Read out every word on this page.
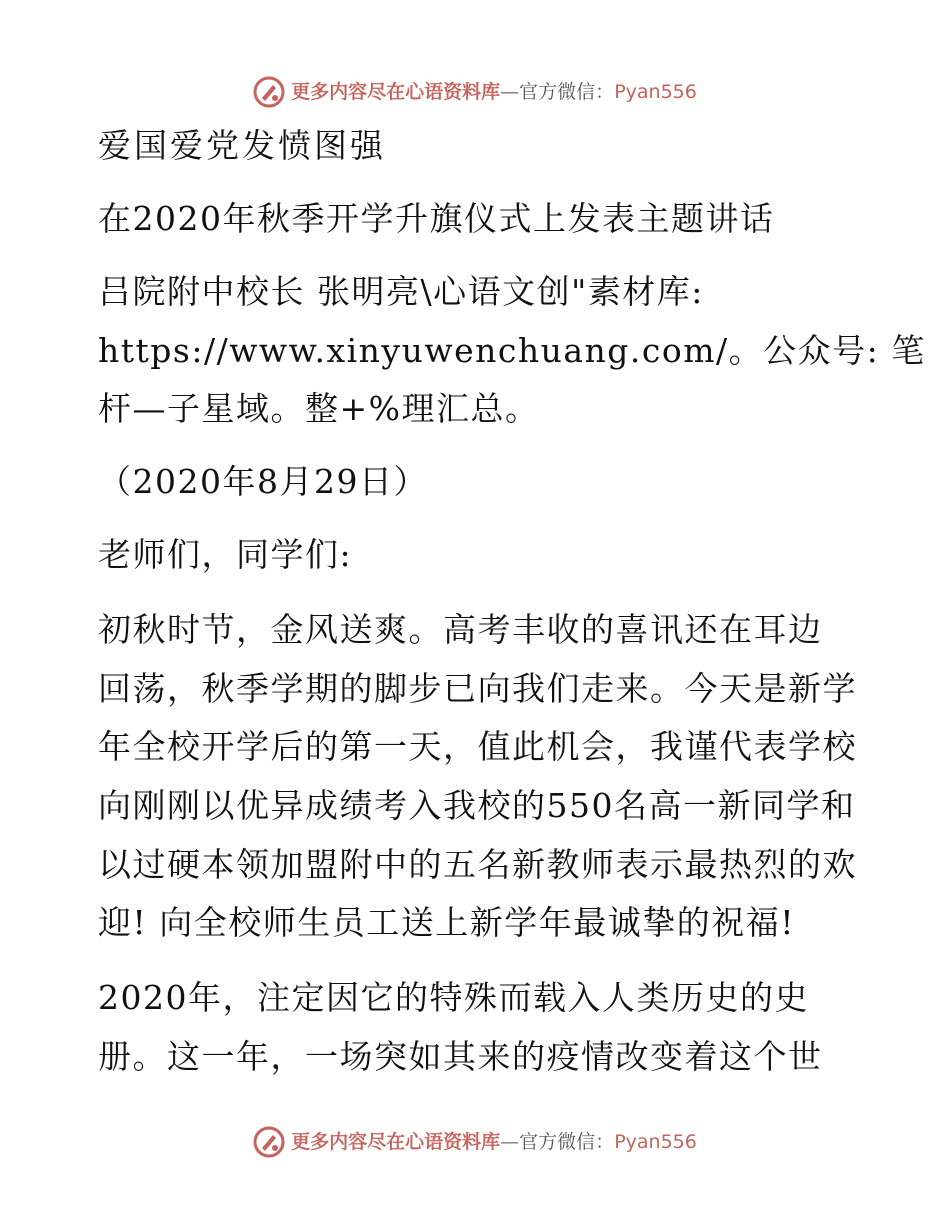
更多内容尽在心语资料库 — 官方微信： Pyan556
爱国爱党发愤图强
在2020年秋季开学升旗仪式上发表主题讲话
吕院附中校长 张明亮\心语文创"素材库:
https://www.xinyuwenchuang.com/。公众号: 笔
杆—子星域。整+%理汇总。
（2020年8月29日）
老师们，同学们:
初秋时节，金风送爽。高考丰收的喜讯还在耳边
回荡，秋季学期的脚步已向我们走来。今天是新学
年全校开学后的第一天，值此机会，我谨代表学校
向刚刚以优异成绩考入我校的550名高一新同学和
以过硬本领加盟附中的五名新教师表示最热烈的欢
迎! 向全校师生员工送上新学年最诚挚的祝福!
2020年，注定因它的特殊而载入人类历史的史
册。这一年，一场突如其来的疫情改变着这个世
更多内容尽在心语资料库 — 官方微信： Pyan556
